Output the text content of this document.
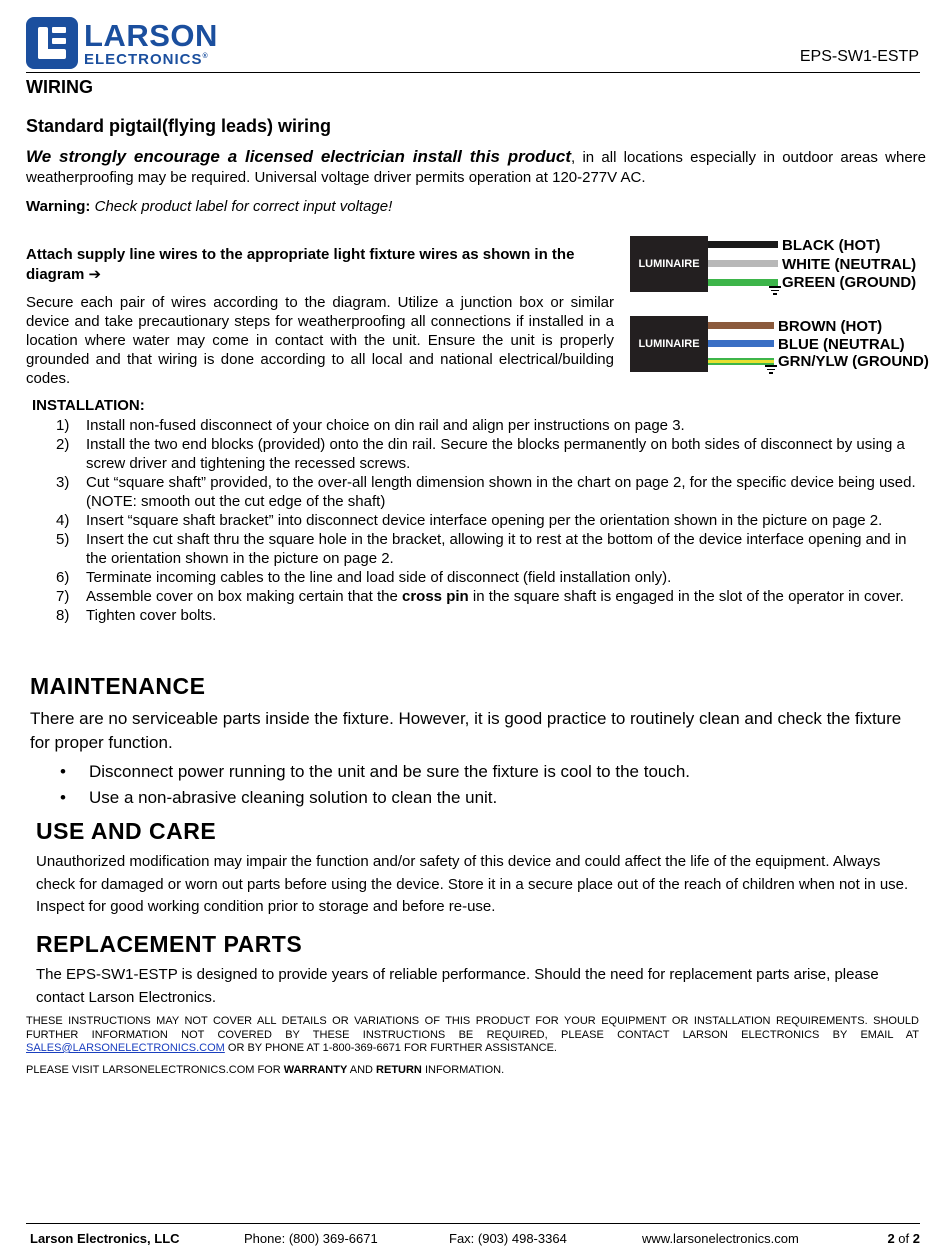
LARSON
ELECTRONICS®	EPS-SW1-ESTP
WIRING
Standard pigtail(flying leads) wiring

We strongly encourage a licensed electrician install this product, in all locations especially in outdoor areas where weatherproofing may be required. Universal voltage driver permits operation at 120-277V AC.

Warning: Check product label for correct input voltage!

Attach supply line wires to the appropriate light fixture wires as shown in the diagram ➔

Secure each pair of wires according to the diagram. Utilize a junction box or similar device and take precautionary steps for weatherproofing all connections if installed in a location where water may come in contact with the unit. Ensure the unit is properly grounded and that wiring is done according to all local and national electrical/building codes.

LUMINAIRE
BLACK (HOT)
WHITE (NEUTRAL)
GREEN (GROUND)
LUMINAIRE
BROWN (HOT)
BLUE (NEUTRAL)
GRN/YLW (GROUND)
INSTALLATION:
1) Install non-fused disconnect of your choice on din rail and align per instructions on page 3.
2) Install the two end blocks (provided) onto the din rail. Secure the blocks permanently on both sides of disconnect by using a screw driver and tightening the recessed screws.
3) Cut “square shaft” provided, to the over-all length dimension shown in the chart on page 2, for the specific device being used. (NOTE: smooth out the cut edge of the shaft)
4) Insert “square shaft bracket” into disconnect device interface opening per the orientation shown in the picture on page 2.
5) Insert the cut shaft thru the square hole in the bracket, allowing it to rest at the bottom of the device interface opening and in the orientation shown in the picture on page 2.
6) Terminate incoming cables to the line and load side of disconnect (field installation only).
7) Assemble cover on box making certain that the cross pin in the square shaft is engaged in the slot of the operator in cover.
8) Tighten cover bolts.
MAINTENANCE

There are no serviceable parts inside the fixture. However, it is good practice to routinely clean and check the fixture for proper function.

• Disconnect power running to the unit and be sure the fixture is cool to the touch.
• Use a non-abrasive cleaning solution to clean the unit.
USE AND CARE

Unauthorized modification may impair the function and/or safety of this device and could affect the life of the equipment. Always check for damaged or worn out parts before using the device. Store it in a secure place out of the reach of children when not in use. Inspect for good working condition prior to storage and before re-use.

REPLACEMENT PARTS

The EPS-SW1-ESTP is designed to provide years of reliable performance. Should the need for replacement parts arise, please contact Larson Electronics.

THESE INSTRUCTIONS MAY NOT COVER ALL DETAILS OR VARIATIONS OF THIS PRODUCT FOR YOUR EQUIPMENT OR INSTALLATION REQUIREMENTS. SHOULD FURTHER INFORMATION NOT COVERED BY THESE INSTRUCTIONS BE REQUIRED, PLEASE CONTACT LARSON ELECTRONICS BY EMAIL AT SALES@LARSONELECTRONICS.COM OR BY PHONE AT 1-800-369-6671 FOR FURTHER ASSISTANCE.

PLEASE VISIT LARSONELECTRONICS.COM FOR WARRANTY AND RETURN INFORMATION.

Larson Electronics, LLC	Phone: (800) 369-6671	Fax: (903) 498-3364	www.larsonelectronics.com	2 of 2
